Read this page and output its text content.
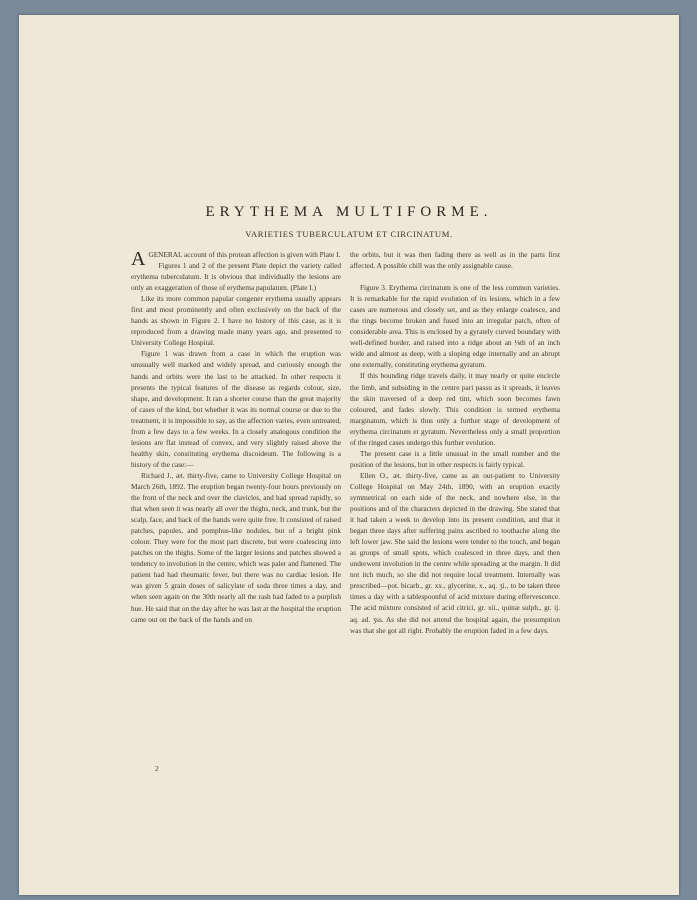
ERYTHEMA MULTIFORME.
VARIETIES TUBERCULATUM ET CIRCINATUM.

AGENERAL account of this protean affection is given with Plate I.

Figures 1 and 2 of the present Plate depict the variety called erythema tuberculatum. It is obvious that individually the lesions are only an exaggeration of those of erythema papulatum. (Plate I.)

Like its more common papular congener erythema usually appears first and most prominently and often exclusively on the back of the hands as shown in Figure 2. I have no history of this case, as it is reproduced from a drawing made many years ago, and presented to University College Hospital.

Figure 1 was drawn from a case in which the eruption was unusually well marked and widely spread, and curiously enough the hands and orbits were the last to be attacked. In other respects it presents the typical features of the disease as regards colour, size, shape, and development. It ran a shorter course than the great majority of cases of the kind, but whether it was its normal course or due to the treatment, it is impossible to say, as the affection varies, even untreated, from a few days to a few weeks. In a closely analogous condition the lesions are flat instead of convex, and very slightly raised above the healthy skin, constituting erythema discoideum. The following is a history of the case:—

Richard J., æt. thirty-five, came to University College Hospital on March 26th, 1892. The eruption began twenty-four hours previously on the front of the neck and over the clavicles, and had spread rapidly, so that when seen it was nearly all over the thighs, neck, and trunk, but the scalp, face, and back of the hands were quite free. It consisted of raised patches, papules, and pomphus-like nodules, but of a bright pink colour. They were for the most part discrete, but were coalescing into patches on the thighs. Some of the larger lesions and patches showed a tendency to involution in the centre, which was paler and flattened. The patient had had rheumatic fever, but there was no cardiac lesion. He was given 5 grain doses of salicylate of soda three times a day, and when seen again on the 30th nearly all the rash had faded to a purplish hue. He said that on the day after he was last at the hospital the eruption came out on the back of the hands and on

the orbits, but it was then fading there as well as in the parts first affected. A possible chill was the only assignable cause.

Figure 3. Erythema circinatum is one of the less common varieties. It is remarkable for the rapid evolution of its lesions, which in a few cases are numerous and closely set, and as they enlarge coalesce, and the rings become broken and fused into an irregular patch, often of considerable area. This is enclosed by a gyrately curved boundary with well-defined border, and raised into a ridge about an ⅛th of an inch wide and almost as deep, with a sloping edge internally and an abrupt one externally, constituting erythema gyratum.

If this bounding ridge travels daily, it may nearly or quite encircle the limb, and subsiding in the centre pari passu as it spreads, it leaves the skin traversed of a deep red tint, which soon becomes fawn coloured, and fades slowly. This condition is termed erythema marginatum, which is thus only a further stage of development of erythema circinatum et gyratum. Nevertheless only a small proportion of the ringed cases undergo this further evolution.

The present case is a little unusual in the small number and the position of the lesions, but in other respects is fairly typical.

Ellen O., æt. thirty-five, came as an out-patient to University College Hospital on May 24th, 1890, with an eruption exactly symmetrical on each side of the neck, and nowhere else, in the positions and of the characters depicted in the drawing. She stated that it had taken a week to develop into its present condition, and that it began three days after suffering pains ascribed to toothache along the left lower jaw. She said the lesions were tender to the touch, and began as groups of small spots, which coalesced in three days, and then underwent involution in the centre while spreading at the margin. It did not itch much, so she did not require local treatment. Internally was prescribed—pot. bicarb., gr. xx., glycerine, x., aq. ʒi., to be taken three times a day with a tablespoonful of acid mixture during effervescence. The acid mixture consisted of acid citrici, gr. xii., quinæ sulph., gr. ij. aq. ad. ʒss. As she did not attend the hospital again, the presumption was that she got all right. Probably the eruption faded in a few days.

2
